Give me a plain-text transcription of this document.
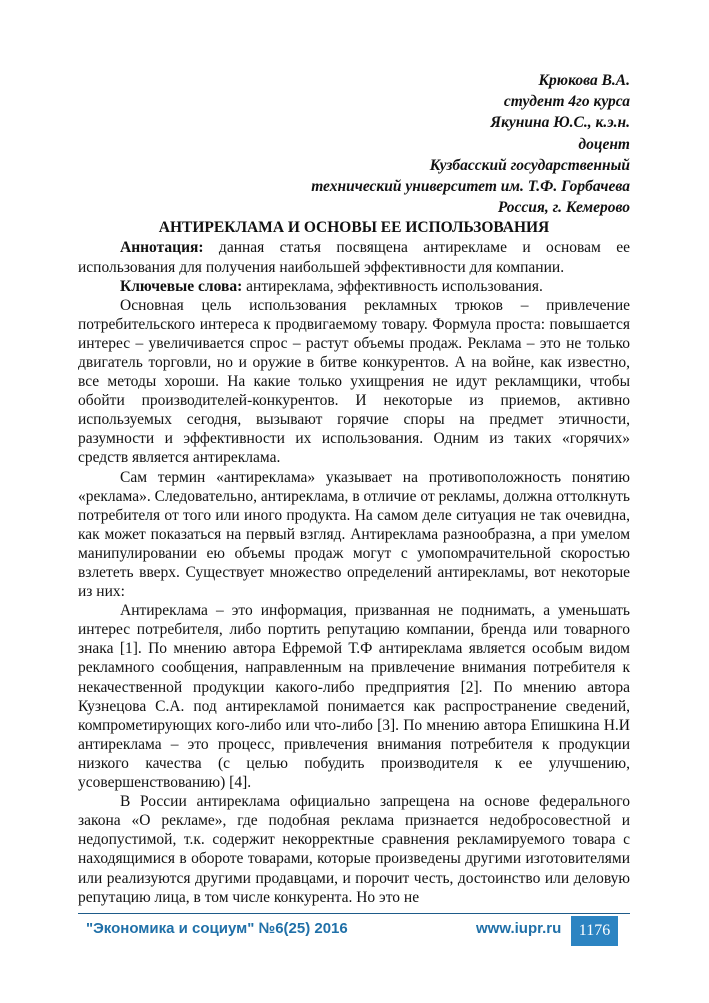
Крюкова В.А.
студент 4го курса
Якунина Ю.С., к.э.н.
доцент
Кузбасский государственный
технический университет им. Т.Ф. Горбачева
Россия, г. Кемерово
АНТИРЕКЛАМА И ОСНОВЫ ЕЕ ИСПОЛЬЗОВАНИЯ

Аннотация: данная статья посвящена антирекламе и основам ее использования для получения наибольшей эффективности для компании.

Ключевые слова: антиреклама, эффективность использования.

Основная цель использования рекламных трюков – привлечение потребительского интереса к продвигаемому товару. Формула проста: повышается интерес – увеличивается спрос – растут объемы продаж. Реклама – это не только двигатель торговли, но и оружие в битве конкурентов. А на войне, как известно, все методы хороши. На какие только ухищрения не идут рекламщики, чтобы обойти производителей-конкурентов. И некоторые из приемов, активно используемых сегодня, вызывают горячие споры на предмет этичности, разумности и эффективности их использования. Одним из таких «горячих» средств является антиреклама.

Сам термин «антиреклама» указывает на противоположность понятию «реклама». Следовательно, антиреклама, в отличие от рекламы, должна оттолкнуть потребителя от того или иного продукта. На самом деле ситуация не так очевидна, как может показаться на первый взгляд. Антиреклама разнообразна, а при умелом манипулировании ею объемы продаж могут с умопомрачительной скоростью взлететь вверх. Существует множество определений антирекламы, вот некоторые из них:

Антиреклама – это информация, призванная не поднимать, а уменьшать интерес потребителя, либо портить репутацию компании, бренда или товарного знака [1]. По мнению автора Ефремой Т.Ф антиреклама является особым видом рекламного сообщения, направленным на привлечение внимания потребителя к некачественной продукции какого-либо предприятия [2]. По мнению автора Кузнецова С.А. под антирекламой понимается как распространение сведений, компрометирующих кого-либо или что-либо [3]. По мнению автора Епишкина Н.И антиреклама – это процесс, привлечения внимания потребителя к продукции низкого качества (с целью побудить производителя к ее улучшению, усовершенствованию) [4].

В России антиреклама официально запрещена на основе федерального закона «О рекламе», где подобная реклама признается недобросовестной и недопустимой, т.к. содержит некорректные сравнения рекламируемого товара с находящимися в обороте товарами, которые произведены другими изготовителями или реализуются другими продавцами, и порочит честь, достоинство или деловую репутацию лица, в том числе конкурента. Но это не

"Экономика и социум" №6(25) 2016	www.iupr.ru	1176
